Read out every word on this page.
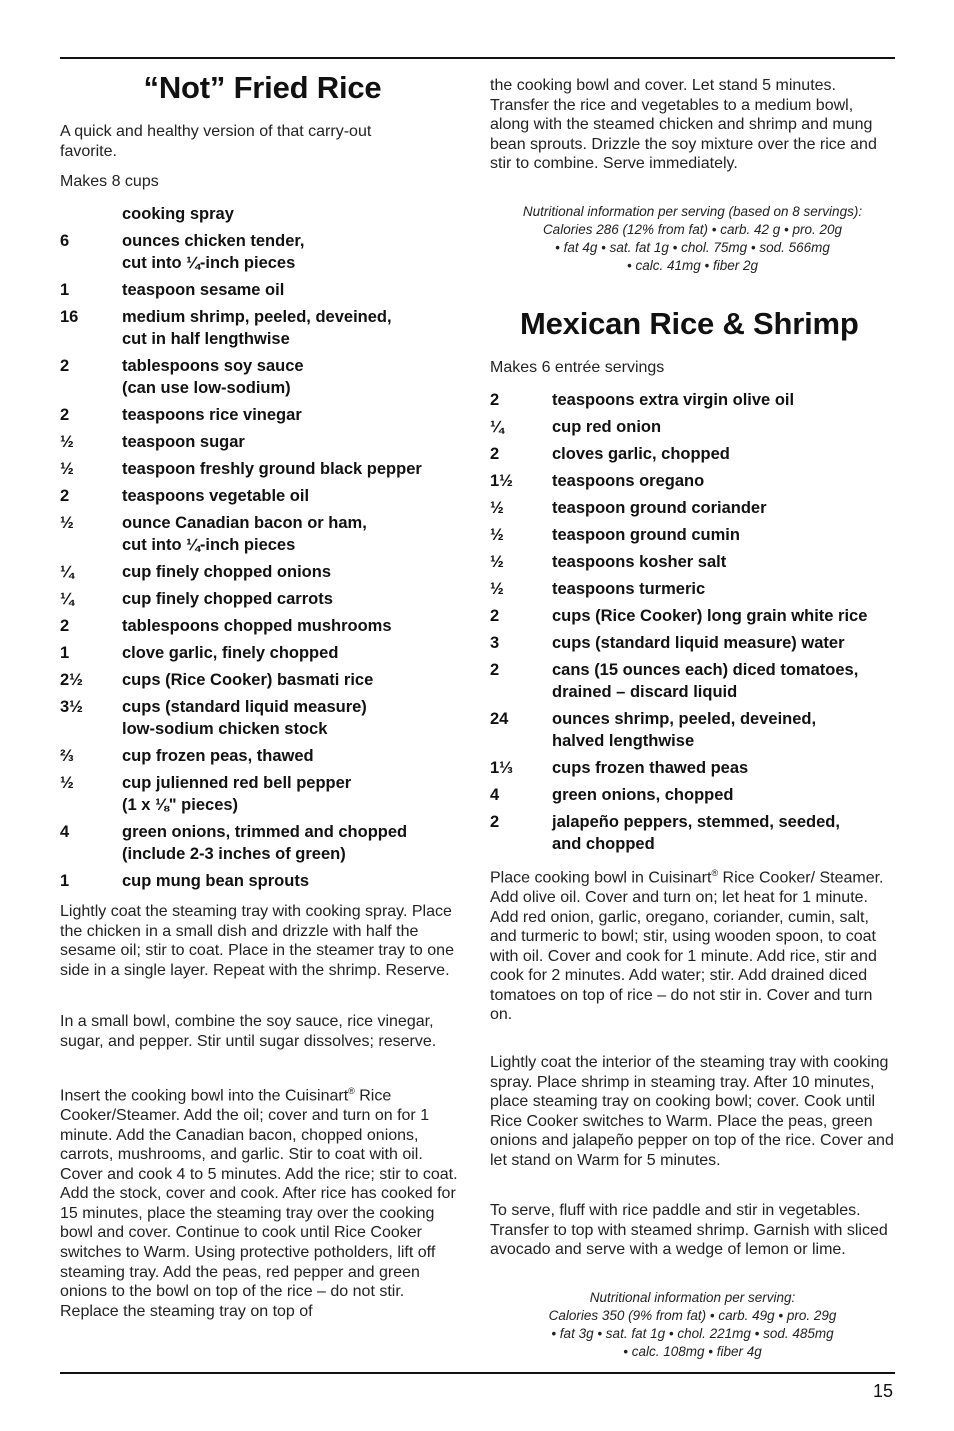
“Not” Fried Rice

A quick and healthy version of that carry-out favorite.

Makes 8 cups

cooking spray
6	ounces chicken tender,
cut into ¼-inch pieces
1	teaspoon sesame oil
16	medium shrimp, peeled, deveined,
cut in half lengthwise
2	tablespoons soy sauce
(can use low-sodium)
2	teaspoons rice vinegar
½	teaspoon sugar
½	teaspoon freshly ground black pepper
2	teaspoons vegetable oil
½	ounce Canadian bacon or ham,
cut into ¼-inch pieces
¼	cup finely chopped onions
¼	cup finely chopped carrots
2	tablespoons chopped mushrooms
1	clove garlic, finely chopped
2½ cups (Rice Cooker) basmati rice
3½ cups (standard liquid measure)
low-sodium chicken stock
⅔	cup frozen peas, thawed
½	cup julienned red bell pepper
(1 x ⅛" pieces)
4	green onions, trimmed and chopped
(include 2-3 inches of green)
1	cup mung bean sprouts

Lightly coat the steaming tray with cooking spray. Place the chicken in a small dish and drizzle with half the sesame oil; stir to coat. Place in the steamer tray to one side in a single layer. Repeat with the shrimp. Reserve.

In a small bowl, combine the soy sauce, rice vinegar, sugar, and pepper. Stir until sugar dissolves; reserve.

Insert the cooking bowl into the Cuisinart® Rice Cooker/Steamer. Add the oil; cover and turn on for 1 minute. Add the Canadian bacon, chopped onions, carrots, mushrooms, and garlic. Stir to coat with oil. Cover and cook 4 to 5 minutes. Add the rice; stir to coat. Add the stock, cover and cook. After rice has cooked for 15 minutes, place the steaming tray over the cooking bowl and cover. Continue to cook until Rice Cooker switches to Warm. Using protective potholders, lift off steaming tray. Add the peas, red pepper and green onions to the bowl on top of the rice – do not stir. Replace the steaming tray on top of

the cooking bowl and cover. Let stand 5 minutes. Transfer the rice and vegetables to a medium bowl, along with the steamed chicken and shrimp and mung bean sprouts. Drizzle the soy mixture over the rice and stir to combine. Serve immediately.

Nutritional information per serving (based on 8 servings):
Calories 286 (12% from fat) • carb. 42 g • pro. 20g
• fat 4g • sat. fat 1g • chol. 75mg • sod. 566mg
• calc. 41mg • fiber 2g
Mexican Rice & Shrimp

Makes 6 entrée servings

2	teaspoons extra virgin olive oil
¼	cup red onion
2	cloves garlic, chopped
1½ teaspoons oregano
½	teaspoon ground coriander
½	teaspoon ground cumin
½	teaspoons kosher salt
½	teaspoons turmeric
2	cups (Rice Cooker) long grain white rice
3	cups (standard liquid measure) water
2	cans (15 ounces each) diced tomatoes,
drained – discard liquid
24	ounces shrimp, peeled, deveined,
halved lengthwise
1⅓ cups frozen thawed peas
4	green onions, chopped
2	jalapeño peppers, stemmed, seeded,
and chopped

Place cooking bowl in Cuisinart® Rice Cooker/ Steamer. Add olive oil. Cover and turn on; let heat for 1 minute. Add red onion, garlic, oregano, coriander, cumin, salt, and turmeric to bowl; stir, using wooden spoon, to coat with oil. Cover and cook for 1 minute. Add rice, stir and cook for 2 minutes. Add water; stir. Add drained diced tomatoes on top of rice – do not stir in. Cover and turn on.

Lightly coat the interior of the steaming tray with cooking spray. Place shrimp in steaming tray. After 10 minutes, place steaming tray on cooking bowl; cover. Cook until Rice Cooker switches to Warm. Place the peas, green onions and jalapeño pepper on top of the rice. Cover and let stand on Warm for 5 minutes.

To serve, fluff with rice paddle and stir in vegetables. Transfer to top with steamed shrimp. Garnish with sliced avocado and serve with a wedge of lemon or lime.

Nutritional information per serving:
Calories 350 (9% from fat) • carb. 49g • pro. 29g
• fat 3g • sat. fat 1g • chol. 221mg • sod. 485mg
• calc. 108mg • fiber 4g
15
